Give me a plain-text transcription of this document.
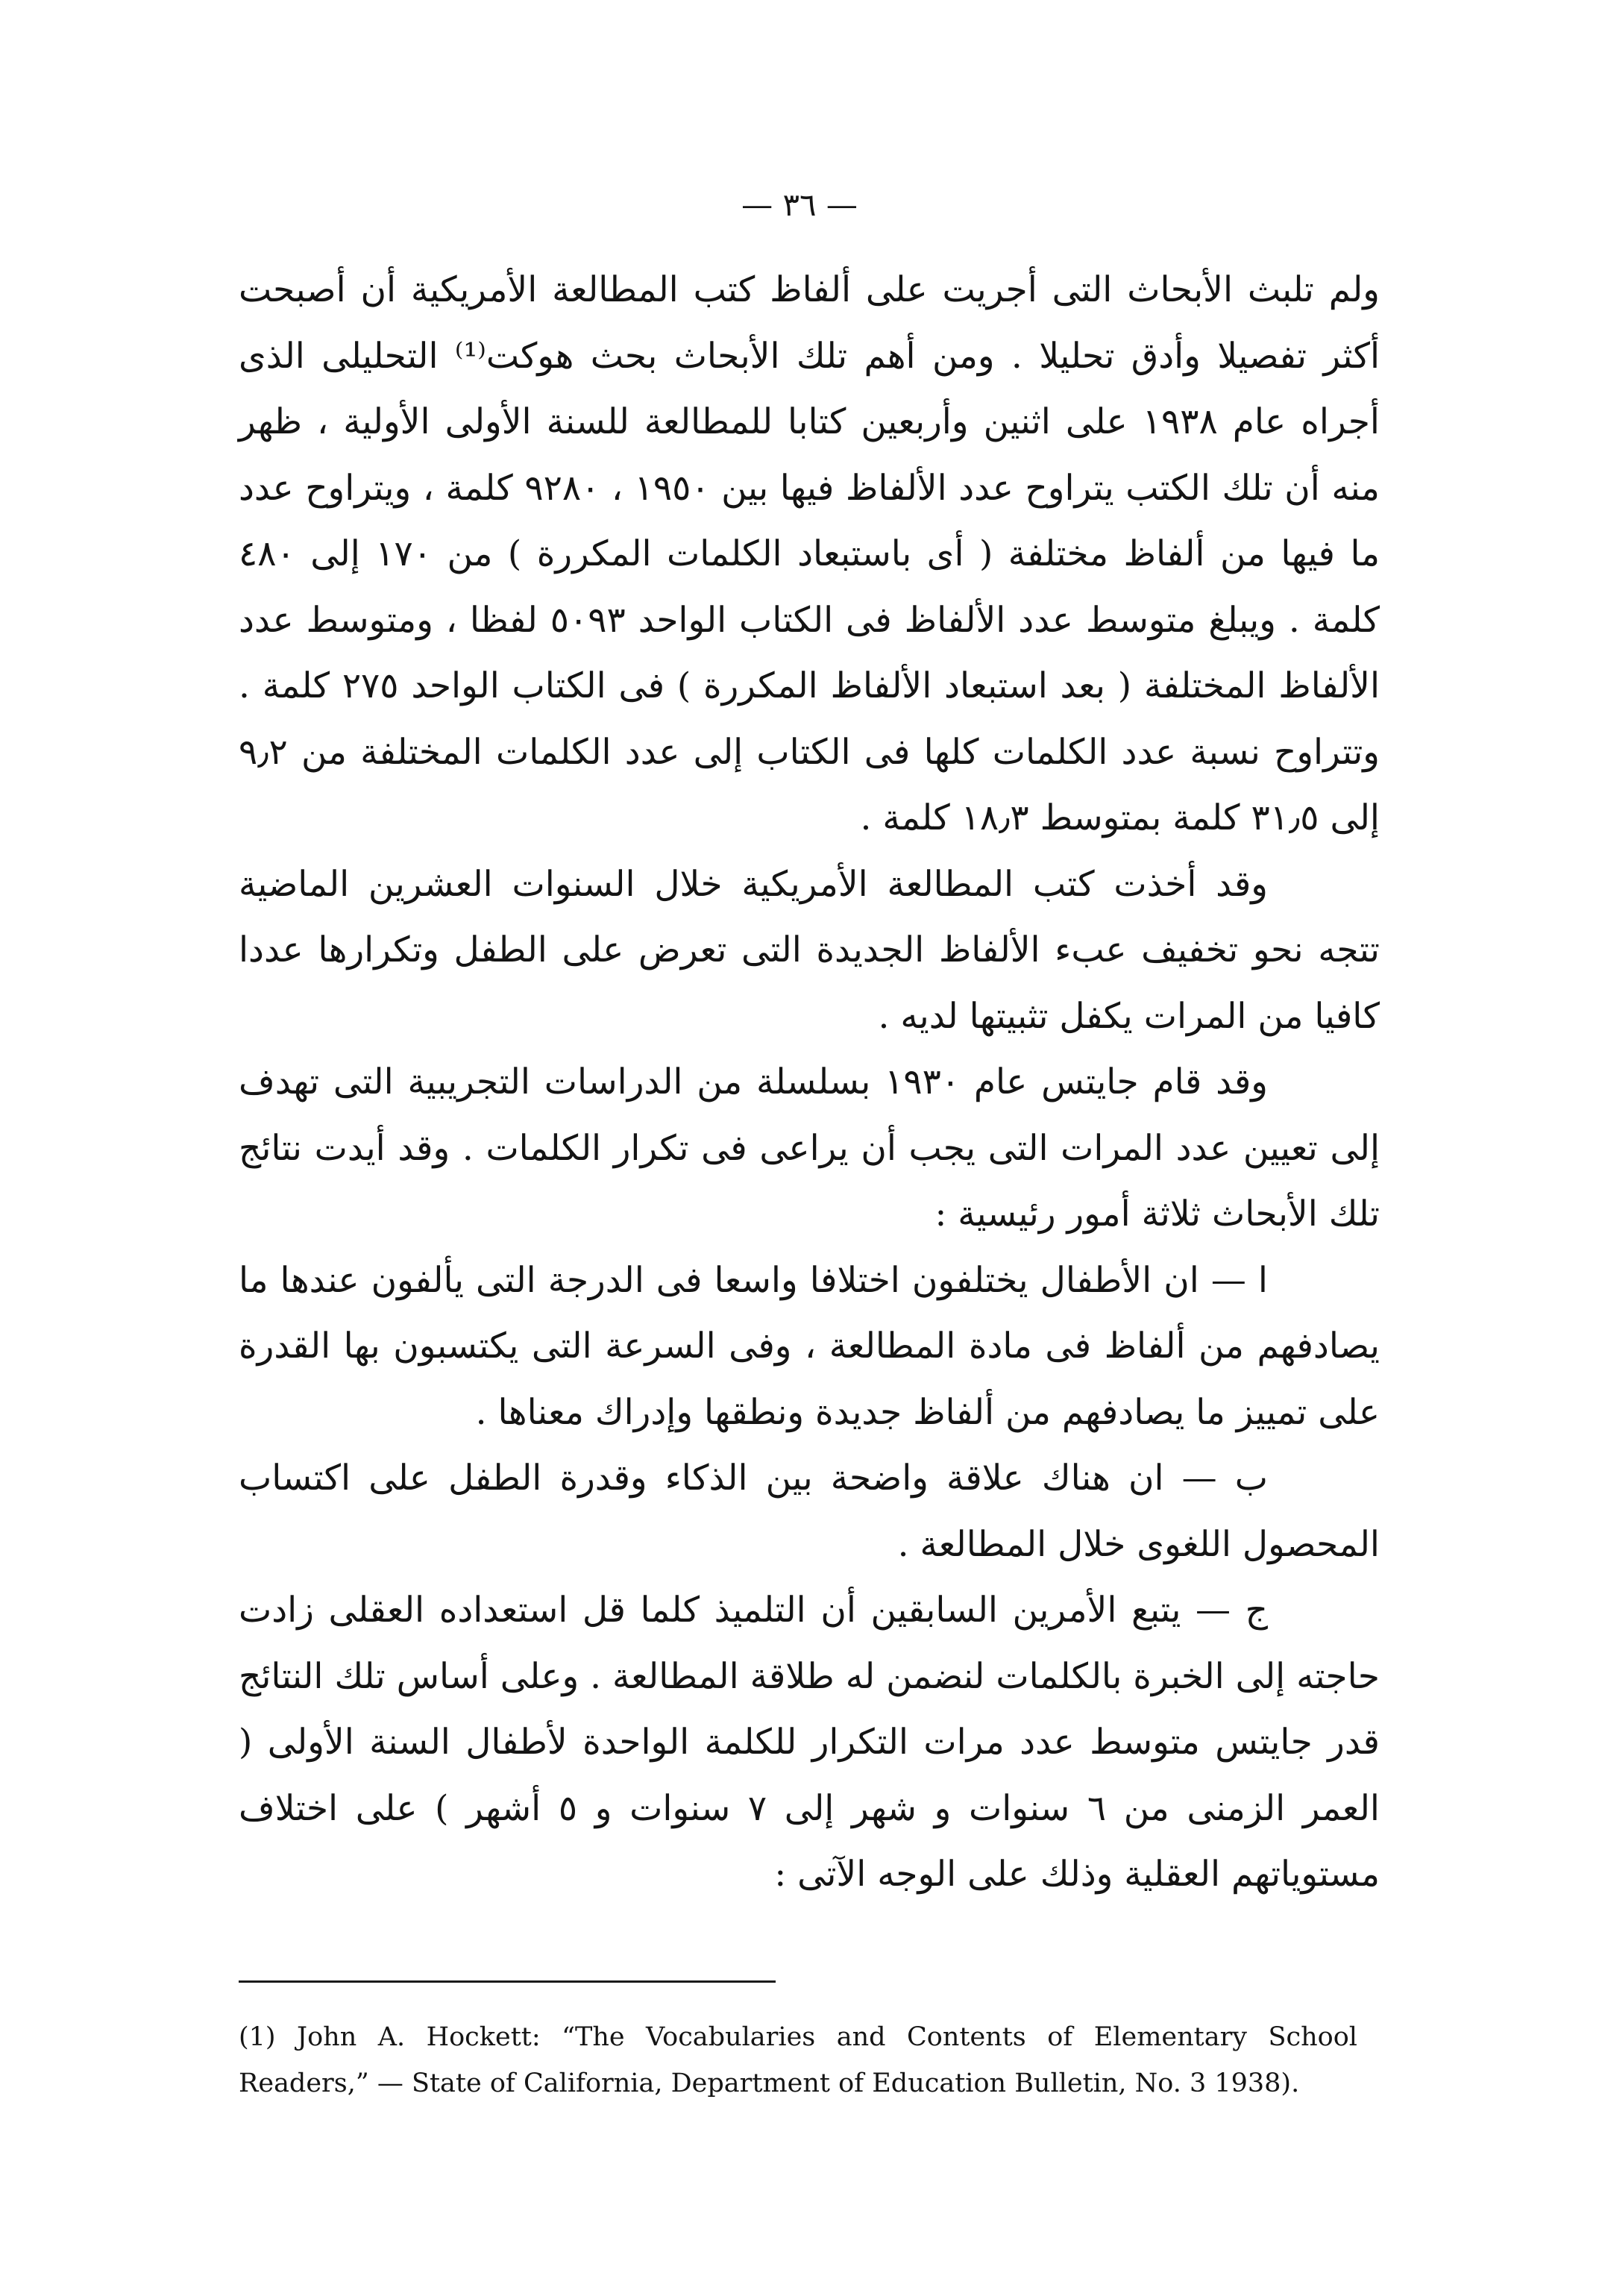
— ٣٦ —

ولم تلبث الأبحاث التى أجريت على ألفاظ كتب المطالعة الأمريكية أن أصبحت أكثر تفصيلا وأدق تحليلا . ومن أهم تلك الأبحاث بحث هوكت⁽¹⁾ التحليلى الذى أجراه عام ١٩٣٨ على اثنين وأربعين كتابا للمطالعة للسنة الأولى الأولية ، ظهر منه أن تلك الكتب يتراوح عدد الألفاظ فيها بين ١٩٥٠ ، ٩٢٨٠ كلمة ، ويتراوح عدد ما فيها من ألفاظ مختلفة ( أى باستبعاد الكلمات المكررة ) من ١٧٠ إلى ٤٨٠ كلمة . ويبلغ متوسط عدد الألفاظ فى الكتاب الواحد ٥٠٩٣ لفظا ، ومتوسط عدد الألفاظ المختلفة ( بعد استبعاد الألفاظ المكررة ) فى الكتاب الواحد ٢٧٥ كلمة . وتتراوح نسبة عدد الكلمات كلها فى الكتاب إلى عدد الكلمات المختلفة من ٩٫٢ إلى ٣١٫٥ كلمة بمتوسط ١٨٫٣ كلمة .

وقد أخذت كتب المطالعة الأمريكية خلال السنوات العشرين الماضية تتجه نحو تخفيف عبء الألفاظ الجديدة التى تعرض على الطفل وتكرارها عددا كافيا من المرات يكفل تثبيتها لديه .

وقد قام جايتس عام ١٩٣٠ بسلسلة من الدراسات التجريبية التى تهدف إلى تعيين عدد المرات التى يجب أن يراعى فى تكرار الكلمات . وقد أيدت نتائج تلك الأبحاث ثلاثة أمور رئيسية :

ا — ان الأطفال يختلفون اختلافا واسعا فى الدرجة التى يألفون عندها ما يصادفهم من ألفاظ فى مادة المطالعة ، وفى السرعة التى يكتسبون بها القدرة على تمييز ما يصادفهم من ألفاظ جديدة ونطقها وإدراك معناها .

ب — ان هناك علاقة واضحة بين الذكاء وقدرة الطفل على اكتساب المحصول اللغوى خلال المطالعة .

ج — يتبع الأمرين السابقين أن التلميذ كلما قل استعداده العقلى زادت حاجته إلى الخبرة بالكلمات لنضمن له طلاقة المطالعة . وعلى أساس تلك النتائج قدر جايتس متوسط عدد مرات التكرار للكلمة الواحدة لأطفال السنة الأولى ( العمر الزمنى من ٦ سنوات و شهر إلى ٧ سنوات و ٥ أشهر ) على اختلاف مستوياتهم العقلية وذلك على الوجه الآتى :

(1) John A. Hockett: “The Vocabularies and Contents of Elementary School Readers,” — State of California, Department of Education Bulletin, No. 3 1938).
